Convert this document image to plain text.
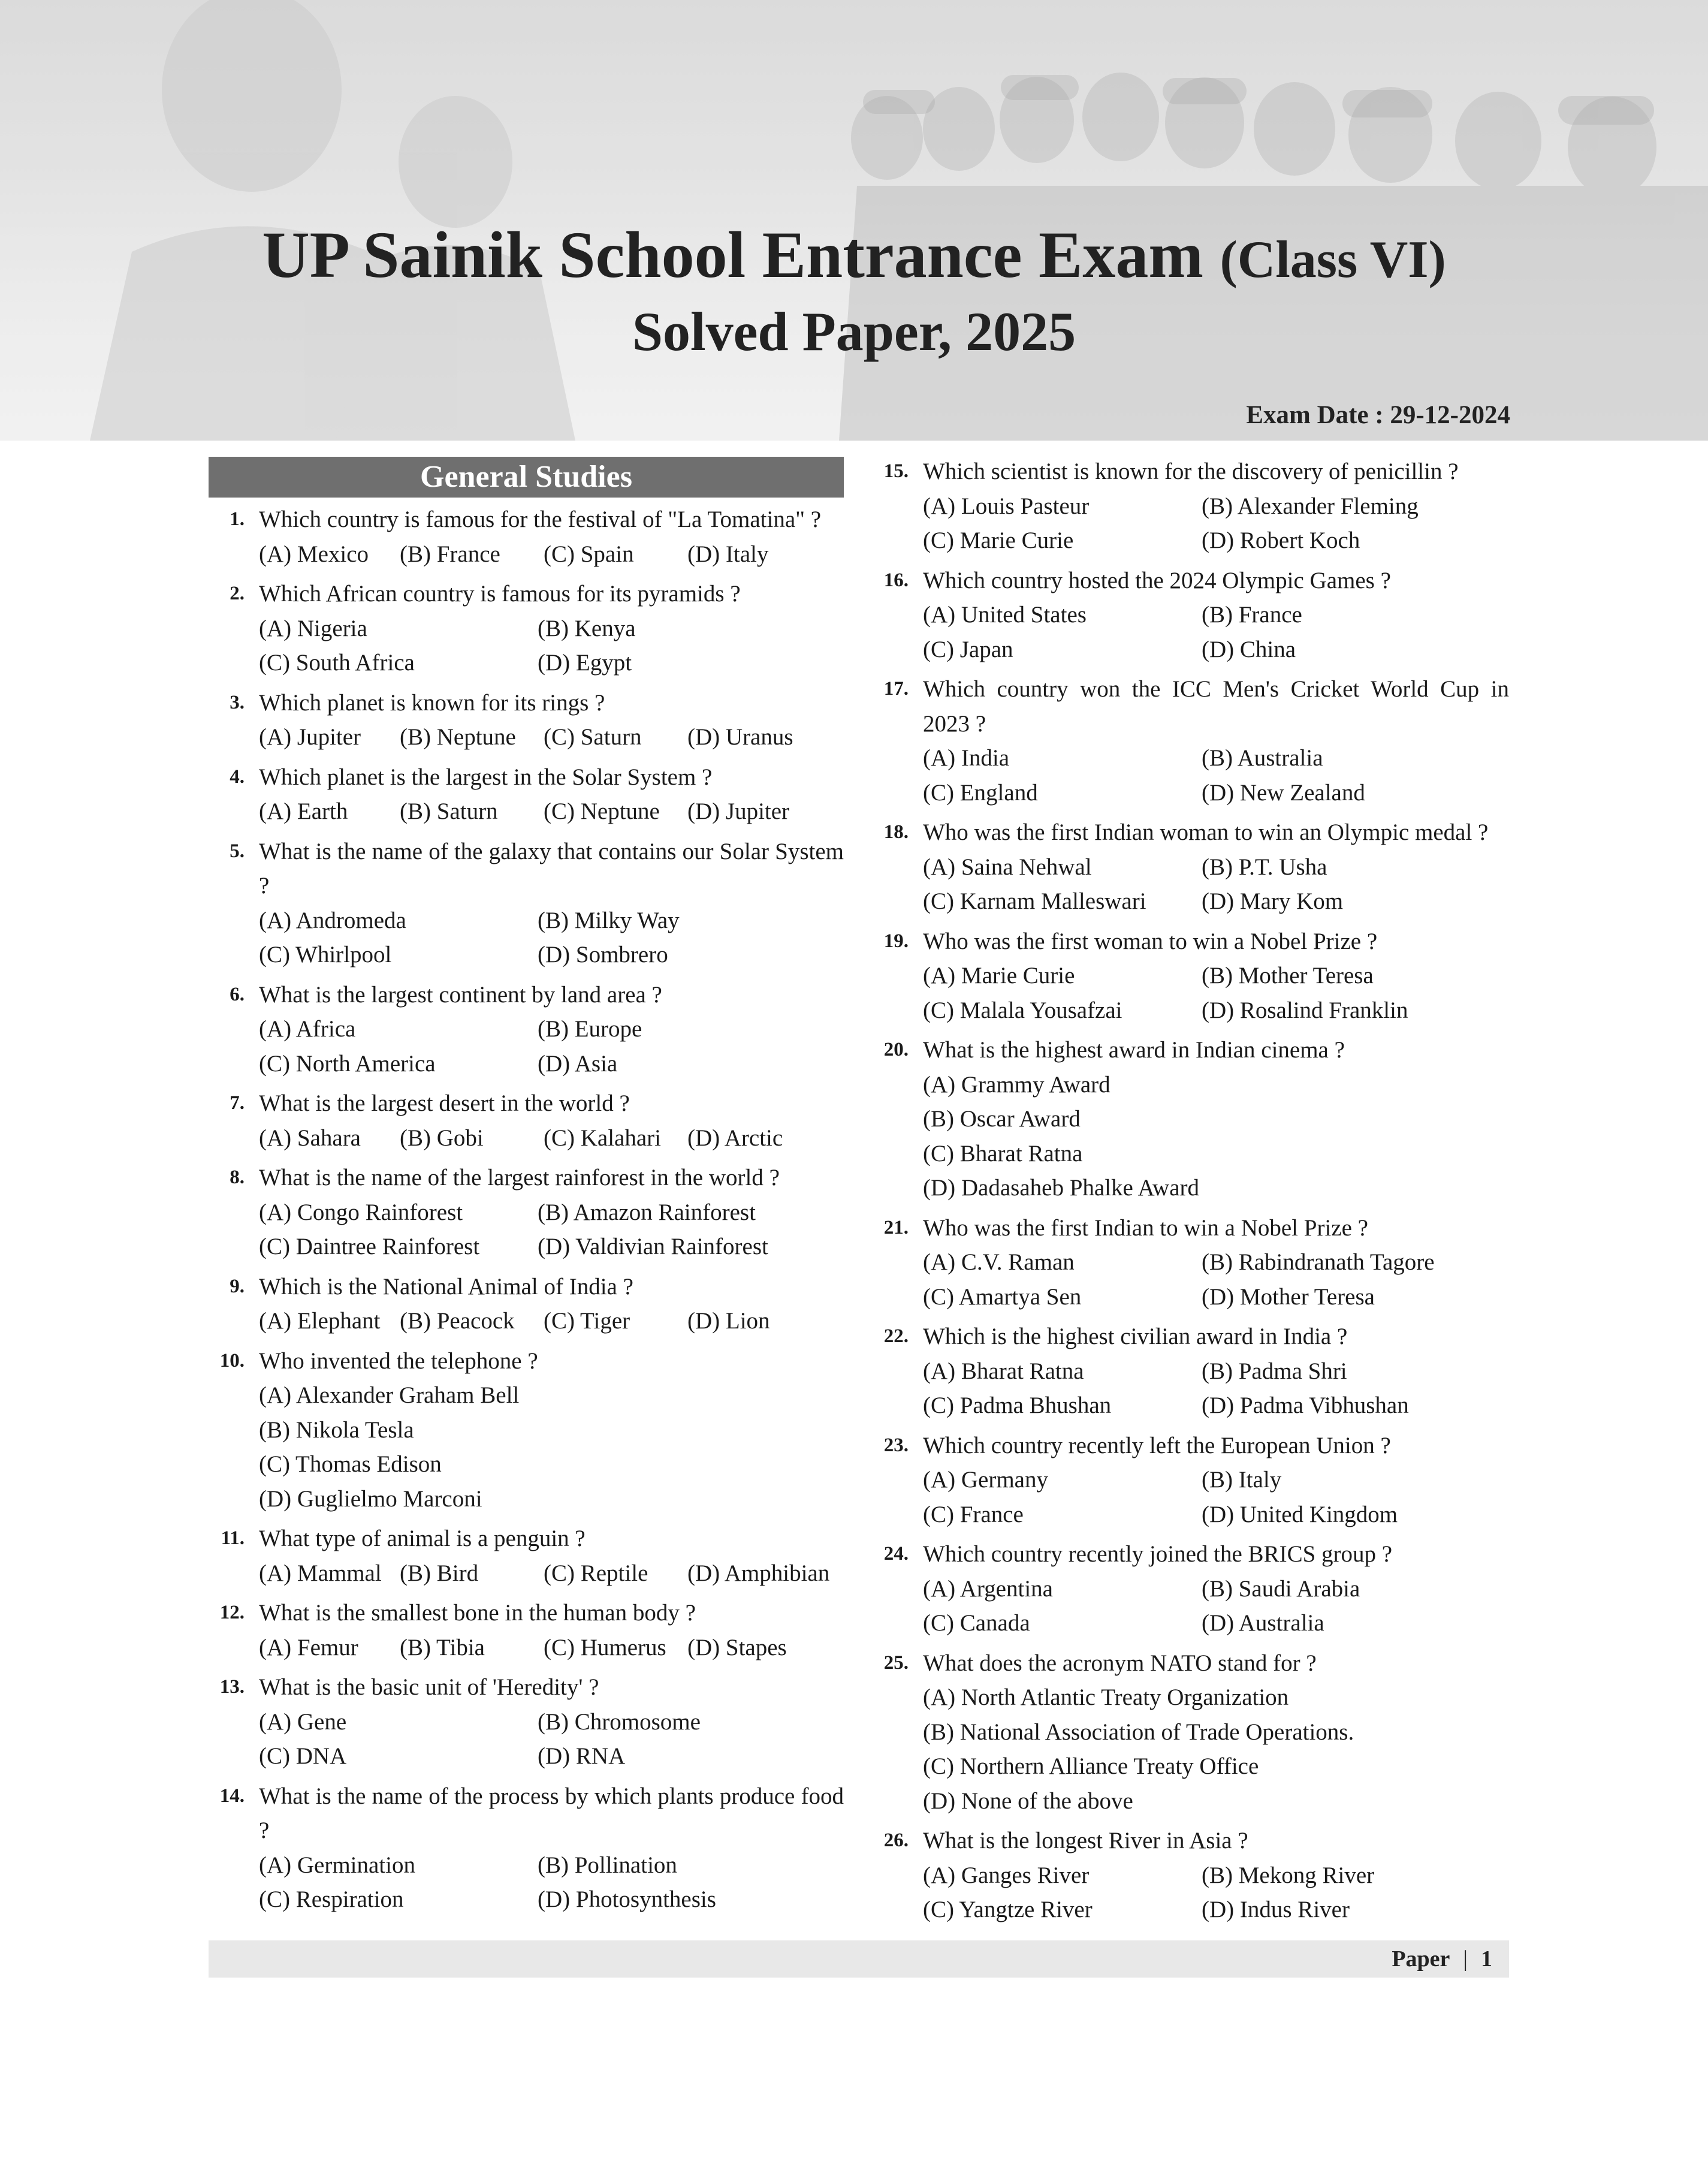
UP Sainik School Entrance Exam (Class VI)
Solved Paper, 2025
Exam Date : 29-12-2024
General Studies
1. Which country is famous for the festival of "La Tomatina" ?
(A) Mexico	(B) France	(C) Spain	(D) Italy
2. Which African country is famous for its pyramids ?
(A) Nigeria	(B) Kenya
(C) South Africa	(D) Egypt
3. Which planet is known for its rings ?
(A) Jupiter	(B) Neptune	(C) Saturn	(D) Uranus
4. Which planet is the largest in the Solar System ?
(A) Earth	(B) Saturn	(C) Neptune	(D) Jupiter
5. What is the name of the galaxy that contains our Solar System ?
(A) Andromeda	(B) Milky Way
(C) Whirlpool	(D) Sombrero
6. What is the largest continent by land area ?
(A) Africa	(B) Europe
(C) North America	(D) Asia
7. What is the largest desert in the world ?
(A) Sahara	(B) Gobi	(C) Kalahari	(D) Arctic
8. What is the name of the largest rainforest in the world ?
(A) Congo Rainforest	(B) Amazon Rainforest
(C) Daintree Rainforest	(D) Valdivian Rainforest
9. Which is the National Animal of India ?
(A) Elephant (B) Peacock	(C) Tiger	(D) Lion
10. Who invented the telephone ?
(A) Alexander Graham Bell
(B) Nikola Tesla
(C) Thomas Edison
(D) Guglielmo Marconi
11. What type of animal is a penguin ?
(A) Mammal (B) Bird	(C) Reptile	(D) Amphibian
12. What is the smallest bone in the human body ?
(A) Femur	(B) Tibia	(C) Humerus (D) Stapes
13. What is the basic unit of 'Heredity' ?
(A) Gene	(B) Chromosome
(C) DNA	(D) RNA
14. What is the name of the process by which plants produce food ?
(A) Germination	(B) Pollination
(C) Respiration	(D) Photosynthesis
15. Which scientist is known for the discovery of penicillin ?
(A) Louis Pasteur	(B) Alexander Fleming
(C) Marie Curie	(D) Robert Koch
16. Which country hosted the 2024 Olympic Games ?
(A) United States	(B) France
(C) Japan	(D) China
17. Which country won the ICC Men's Cricket World Cup in 2023 ?
(A) India	(B) Australia
(C) England	(D) New Zealand
18. Who was the first Indian woman to win an Olympic medal ?
(A) Saina Nehwal	(B) P.T. Usha
(C) Karnam Malleswari	(D) Mary Kom
19. Who was the first woman to win a Nobel Prize ?
(A) Marie Curie	(B) Mother Teresa
(C) Malala Yousafzai	(D) Rosalind Franklin
20. What is the highest award in Indian cinema ?
(A) Grammy Award
(B) Oscar Award
(C) Bharat Ratna
(D) Dadasaheb Phalke Award
21. Who was the first Indian to win a Nobel Prize ?
(A) C.V. Raman	(B) Rabindranath Tagore
(C) Amartya Sen	(D) Mother Teresa
22. Which is the highest civilian award in India ?
(A) Bharat Ratna	(B) Padma Shri
(C) Padma Bhushan	(D) Padma Vibhushan
23. Which country recently left the European Union ?
(A) Germany	(B) Italy
(C) France	(D) United Kingdom
24. Which country recently joined the BRICS group ?
(A) Argentina	(B) Saudi Arabia
(C) Canada	(D) Australia
25. What does the acronym NATO stand for ?
(A) North Atlantic Treaty Organization
(B) National Association of Trade Operations.
(C) Northern Alliance Treaty Office
(D) None of the above
26. What is the longest River in Asia ?
(A) Ganges River	(B) Mekong River
(C) Yangtze River	(D) Indus River
Paper | 1
